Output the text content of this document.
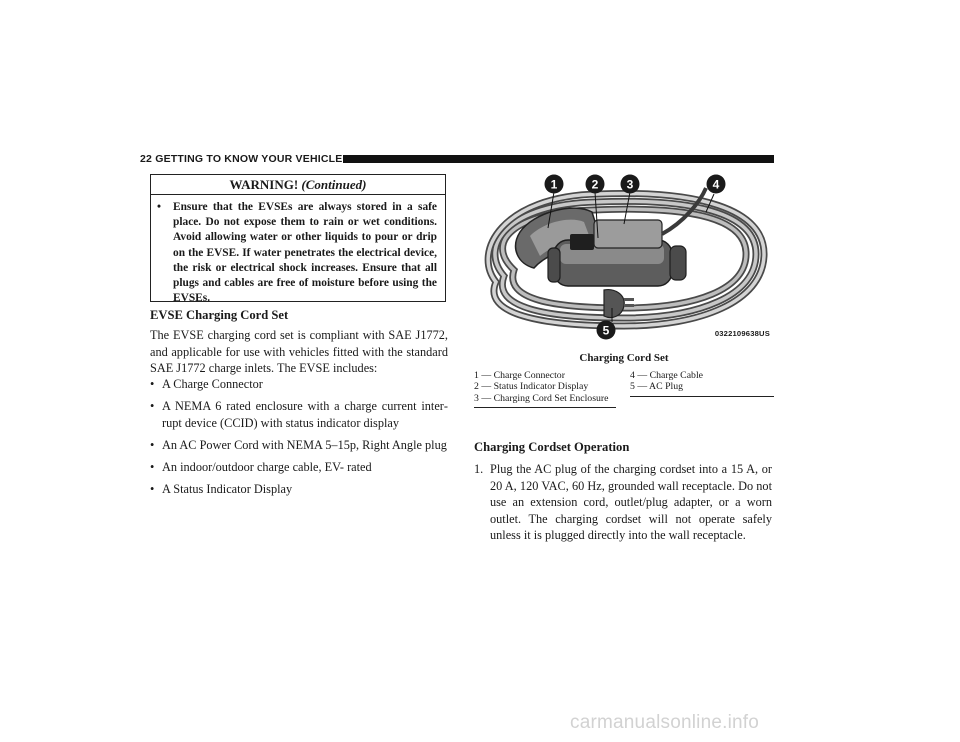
22 GETTING TO KNOW YOUR VEHICLE
WARNING! (Continued)
•	Ensure that the EVSEs are always stored in a safe place. Do not expose them to rain or wet conditions. Avoid allowing water or other liquids to pour or drip on the EVSE. If water penetrates the electrical device, the risk or electrical shock increases. Ensure that all plugs and cables are free of moisture before using the EVSEs.
EVSE Charging Cord Set
The EVSE charging cord set is compliant with SAE J1772, and applicable for use with vehicles fitted with the standard SAE J1772 charge inlets. The EVSE includes:
• A Charge Connector
• A NEMA 6 rated enclosure with a charge current interrupt device (CCID) with status indicator display
• An AC Power Cord with NEMA 5–15p, Right Angle plug
• An indoor/outdoor charge cable, EV- rated
• A Status Indicator Display
1	2 3	4
5	0322109638US
Charging Cord Set
1 — Charge Connector
2 — Status Indicator Display
3 — Charging Cord Set Enclosure
4 — Charge Cable
5 — AC Plug
Charging Cordset Operation
1. Plug the AC plug of the charging cordset into a 15 A, or 20 A, 120 VAC, 60 Hz, grounded wall receptacle. Do not use an extension cord, outlet/plug adapter, or a worn outlet. The charging cordset will not operate safely unless it is plugged directly into the wall receptacle.
carmanualsonline.info
